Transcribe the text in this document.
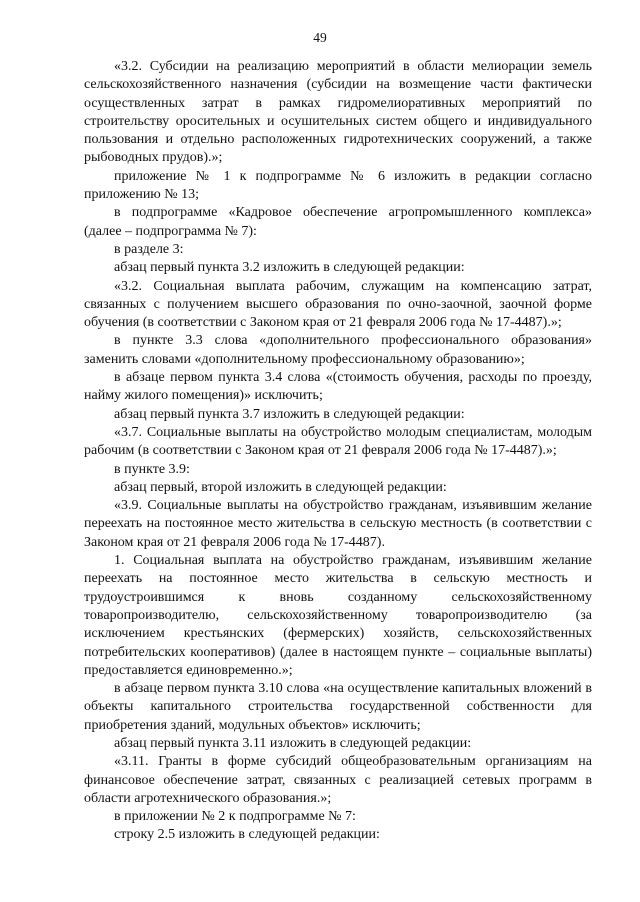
49

«3.2. Субсидии на реализацию мероприятий в области мелиорации земель сельскохозяйственного назначения (субсидии на возмещение части фактически осуществленных затрат в рамках гидромелиоративных мероприятий по строительству оросительных и осушительных систем общего и индивидуального пользования и отдельно расположенных гидротехнических сооружений, а также рыбоводных прудов).»;

приложение № 1 к подпрограмме № 6 изложить в редакции согласно приложению № 13;

в подпрограмме «Кадровое обеспечение агропромышленного комплекса» (далее – подпрограмма № 7):

в разделе 3:

абзац первый пункта 3.2 изложить в следующей редакции:

«3.2. Социальная выплата рабочим, служащим на компенсацию затрат, связанных с получением высшего образования по очно-заочной, заочной форме обучения (в соответствии с Законом края от 21 февраля 2006 года № 17-4487).»;

в пункте 3.3 слова «дополнительного профессионального образования» заменить словами «дополнительному профессиональному образованию»;

в абзаце первом пункта 3.4 слова «(стоимость обучения, расходы по проезду, найму жилого помещения)» исключить;

абзац первый пункта 3.7 изложить в следующей редакции:

«3.7. Социальные выплаты на обустройство молодым специалистам, молодым рабочим (в соответствии с Законом края от 21 февраля 2006 года № 17-4487).»;

в пункте 3.9:

абзац первый, второй изложить в следующей редакции:

«3.9. Социальные выплаты на обустройство гражданам, изъявившим желание переехать на постоянное место жительства в сельскую местность (в соответствии с Законом края от 21 февраля 2006 года № 17-4487).

1. Социальная выплата на обустройство гражданам, изъявившим желание переехать на постоянное место жительства в сельскую местность и трудоустроившимся к вновь созданному сельскохозяйственному товаропроизводителю, сельскохозяйственному товаропроизводителю (за исключением крестьянских (фермерских) хозяйств, сельскохозяйственных потребительских кооперативов) (далее в настоящем пункте – социальные выплаты) предоставляется единовременно.»;

в абзаце первом пункта 3.10 слова «на осуществление капитальных вложений в объекты капитального строительства государственной собственности для приобретения зданий, модульных объектов» исключить;

абзац первый пункта 3.11 изложить в следующей редакции:

«3.11. Гранты в форме субсидий общеобразовательным организациям на финансовое обеспечение затрат, связанных с реализацией сетевых программ в области агротехнического образования.»;

в приложении № 2 к подпрограмме № 7:

строку 2.5 изложить в следующей редакции:
